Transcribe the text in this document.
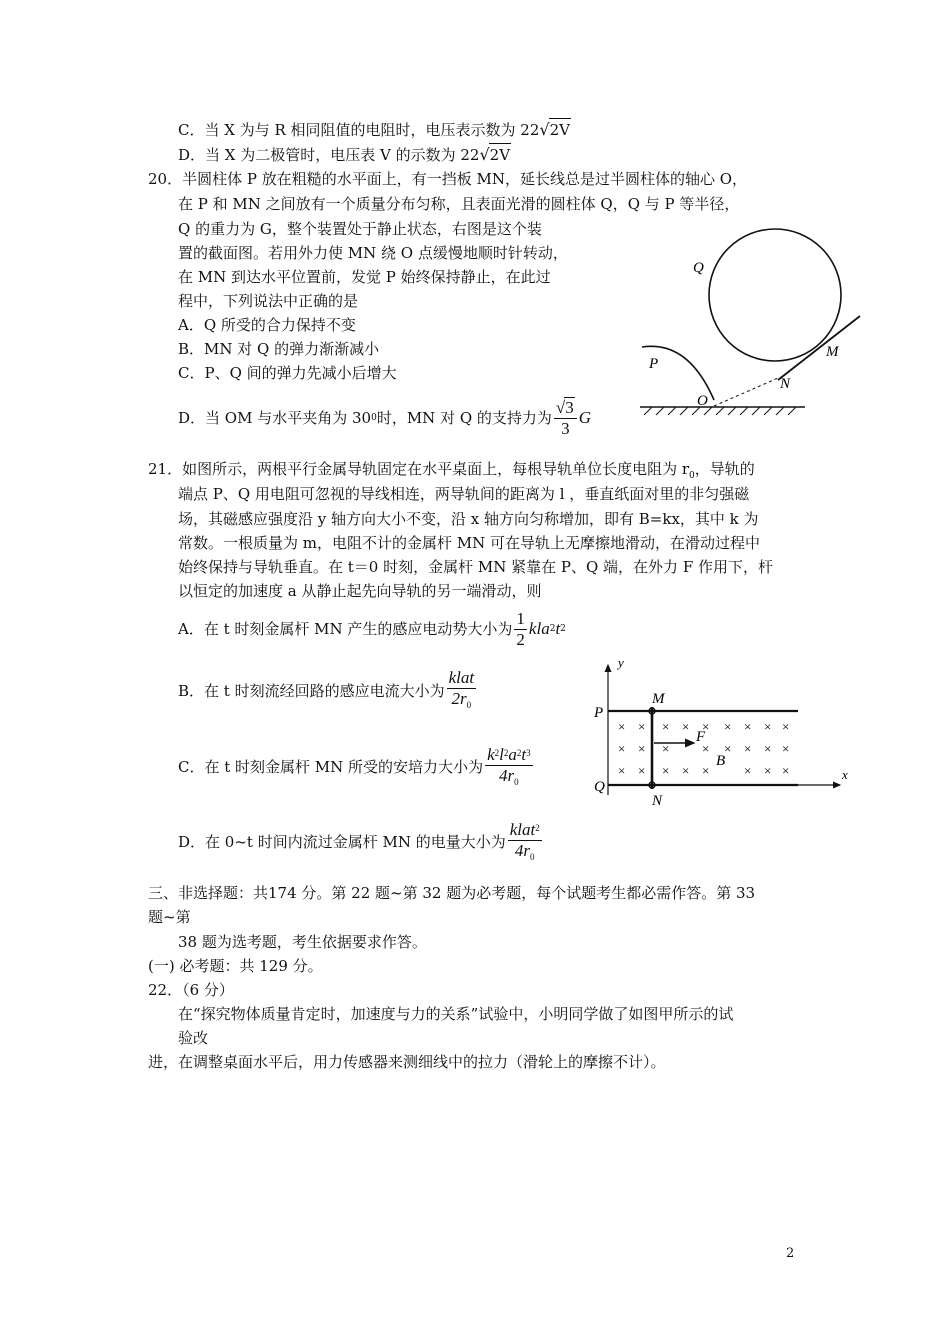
C．当 X 为与 R 相同阻值的电阻时，电压表示数为 22√2V
D．当 X 为二极管时，电压表 V 的示数为 22√2V
20．半圆柱体 P 放在粗糙的水平面上，有一挡板 MN，延长线总是过半圆柱体的轴心 O，
在 P 和 MN 之间放有一个质量分布匀称，且表面光滑的圆柱体 Q，Q 与 P 等半径，
Q 的重力为 G，整个装置处于静止状态，右图是这个装
置的截面图。若用外力使 MN 绕 O 点缓慢地顺时针转动，
在 MN 到达水平位置前，发觉 P 始终保持静止，在此过
程中，下列说法中正确的是
A．Q 所受的合力保持不变
B．MN 对 Q 的弹力渐渐减小
C．P、Q 间的弹力先减小后增大
D．当 OM 与水平夹角为 30 0 时，MN 对 Q 的支持力为 $\frac{√3}{3}$ G
Q
M
N
P
O
21．如图所示，两根平行金属导轨固定在水平桌面上，每根导轨单位长度电阻为 $r_0$，导轨的
端点 P、Q 用电阻可忽视的导线相连，两导轨间的距离为 l ，垂直纸面对里的非匀强磁
场，其磁感应强度沿 y 轴方向大小不变，沿 x 轴方向匀称增加，即有 B=kx，其中 k 为
常数。一根质量为 m，电阻不计的金属杆 MN 可在导轨上无摩擦地滑动，在滑动过程中
始终保持与导轨垂直。在 t＝0 时刻，金属杆 MN 紧靠在 P、Q 端，在外力 F 作用下，杆
以恒定的加速度 a 从静止起先向导轨的另一端滑动，则
A．在 t 时刻金属杆 MN 产生的感应电动势大小为 $\frac{1}{2}$ kla 2 t 2
B．在 t 时刻流经回路的感应电流大小为 $\frac{\text{klat}}{2r_0}$
C．在 t 时刻金属杆 MN 所受的安培力大小为 $\frac{k^2l^2a^2t^3}{4r_0}$
D．在 0~t 时间内流过金属杆 MN 的电量大小为 $\frac{klat^2}{4r_0}$
× × × × × × × × ×
× × ×	× × × × ×
× × × × ×	× × ×
y
x
P
Q
M
N
F
B
三、非选择题：共174 分。第 22 题~第 32 题为必考题，每个试题考生都必需作答。第 33
题~第
38 题为选考题，考生依据要求作答。
(一) 必考题：共 129 分。
22．（6 分）
在“探究物体质量肯定时，加速度与力的关系”试验中，小明同学做了如图甲所示的试
验改
进，在调整桌面水平后，用力传感器来测细线中的拉力（滑轮上的摩擦不计）。
2
